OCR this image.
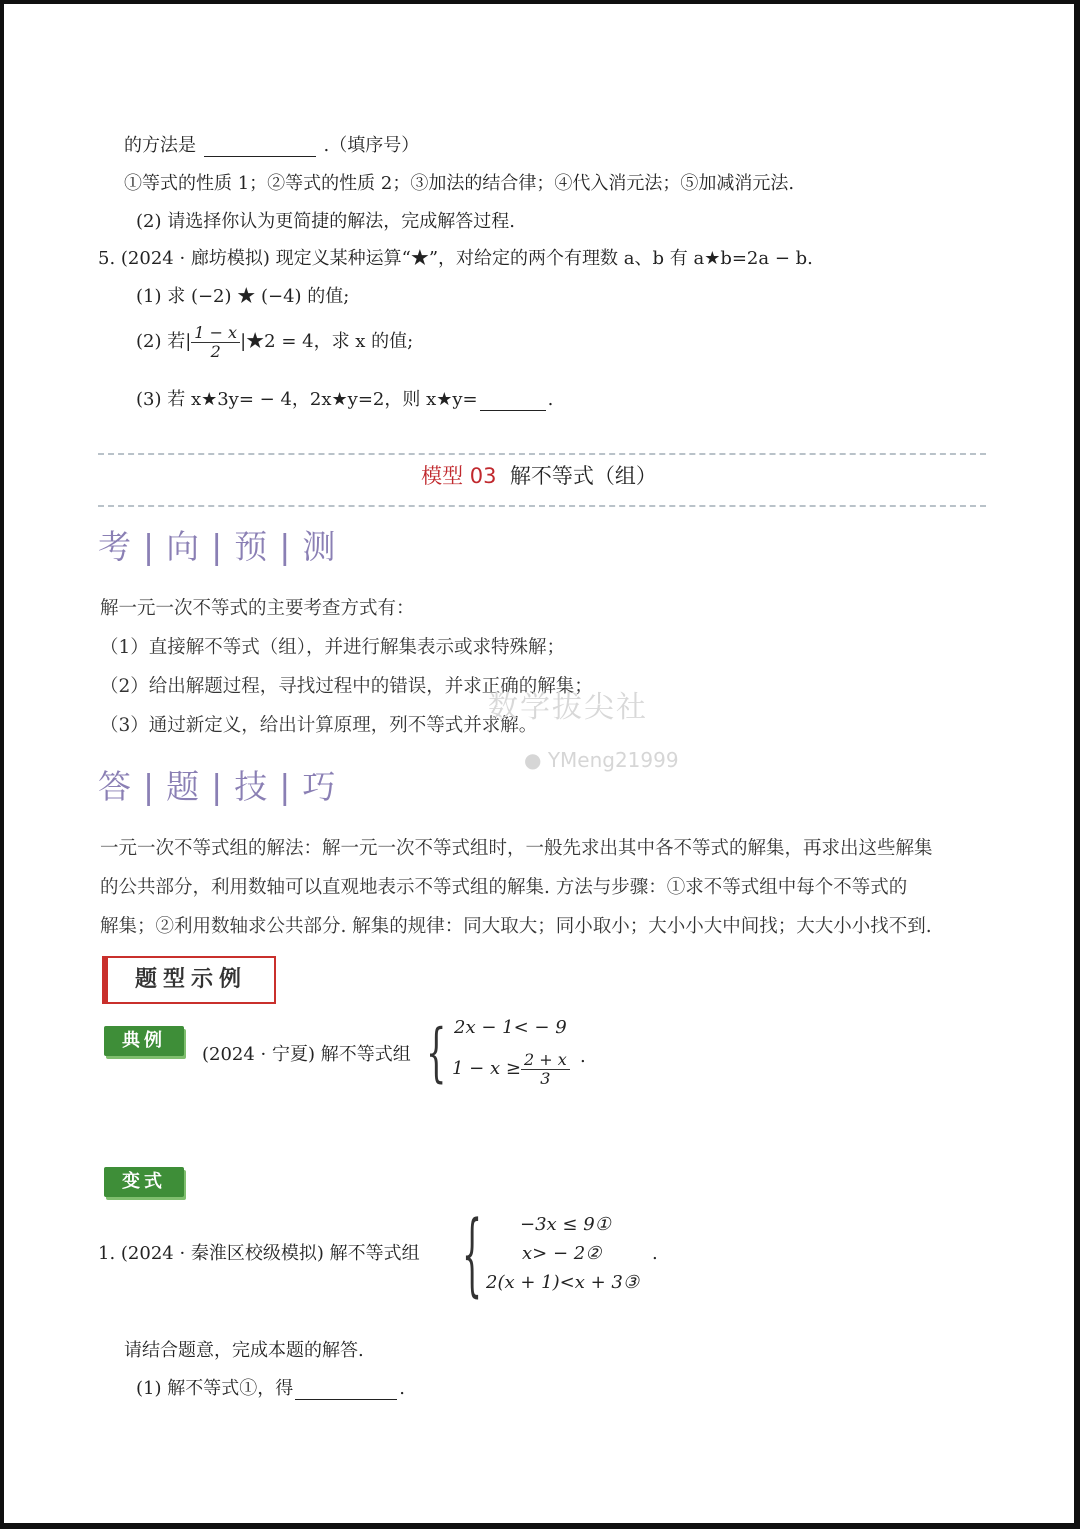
的方法是	.（填序号）
①等式的性质 1；②等式的性质 2；③加法的结合律；④代入消元法；⑤加减消元法.
(2) 请选择你认为更简捷的解法，完成解答过程.
5. (2024 · 廊坊模拟) 现定义某种运算“★”，对给定的两个有理数 a、b 有 a★b=2a − b.
(1) 求 (−2) ★ (−4) 的值;
(2) 若| $\frac{1 - x}{2}$ |★2 = 4，求 x 的值;
(3) 若 x★3y= − 4，2x★y=2，则 x★y=	.
模型 03 解不等式（组）
考 | 向 | 预 | 测
解一元一次不等式的主要考查方式有：
（1）直接解不等式（组），并进行解集表示或求特殊解；
（2）给出解题过程，寻找过程中的错误，并求正确的解集；
（3）通过新定义，给出计算原理，列不等式并求解。
数学拔尖社
● YMeng21999
答 | 题 | 技 | 巧
一元一次不等式组的解法：解一元一次不等式组时，一般先求出其中各不等式的解集，再求出这些解集
的公共部分，利用数轴可以直观地表示不等式组的解集. 方法与步骤：①求不等式组中每个不等式的
解集；②利用数轴求公共部分. 解集的规律：同大取大；同小取小；大小小大中间找；大大小小找不到.
题型示例
典例
(2024 · 宁夏) 解不等式组 { 2x − 1< − 9
$1 - x \ge \frac{2 + x}{3}$ .
变式
1. (2024 · 秦淮区校级模拟) 解不等式组 { −3x ≤ 9①
x> − 2②
2(x + 1)<x + 3③
.
请结合题意，完成本题的解答.
(1) 解不等式①，得	.
